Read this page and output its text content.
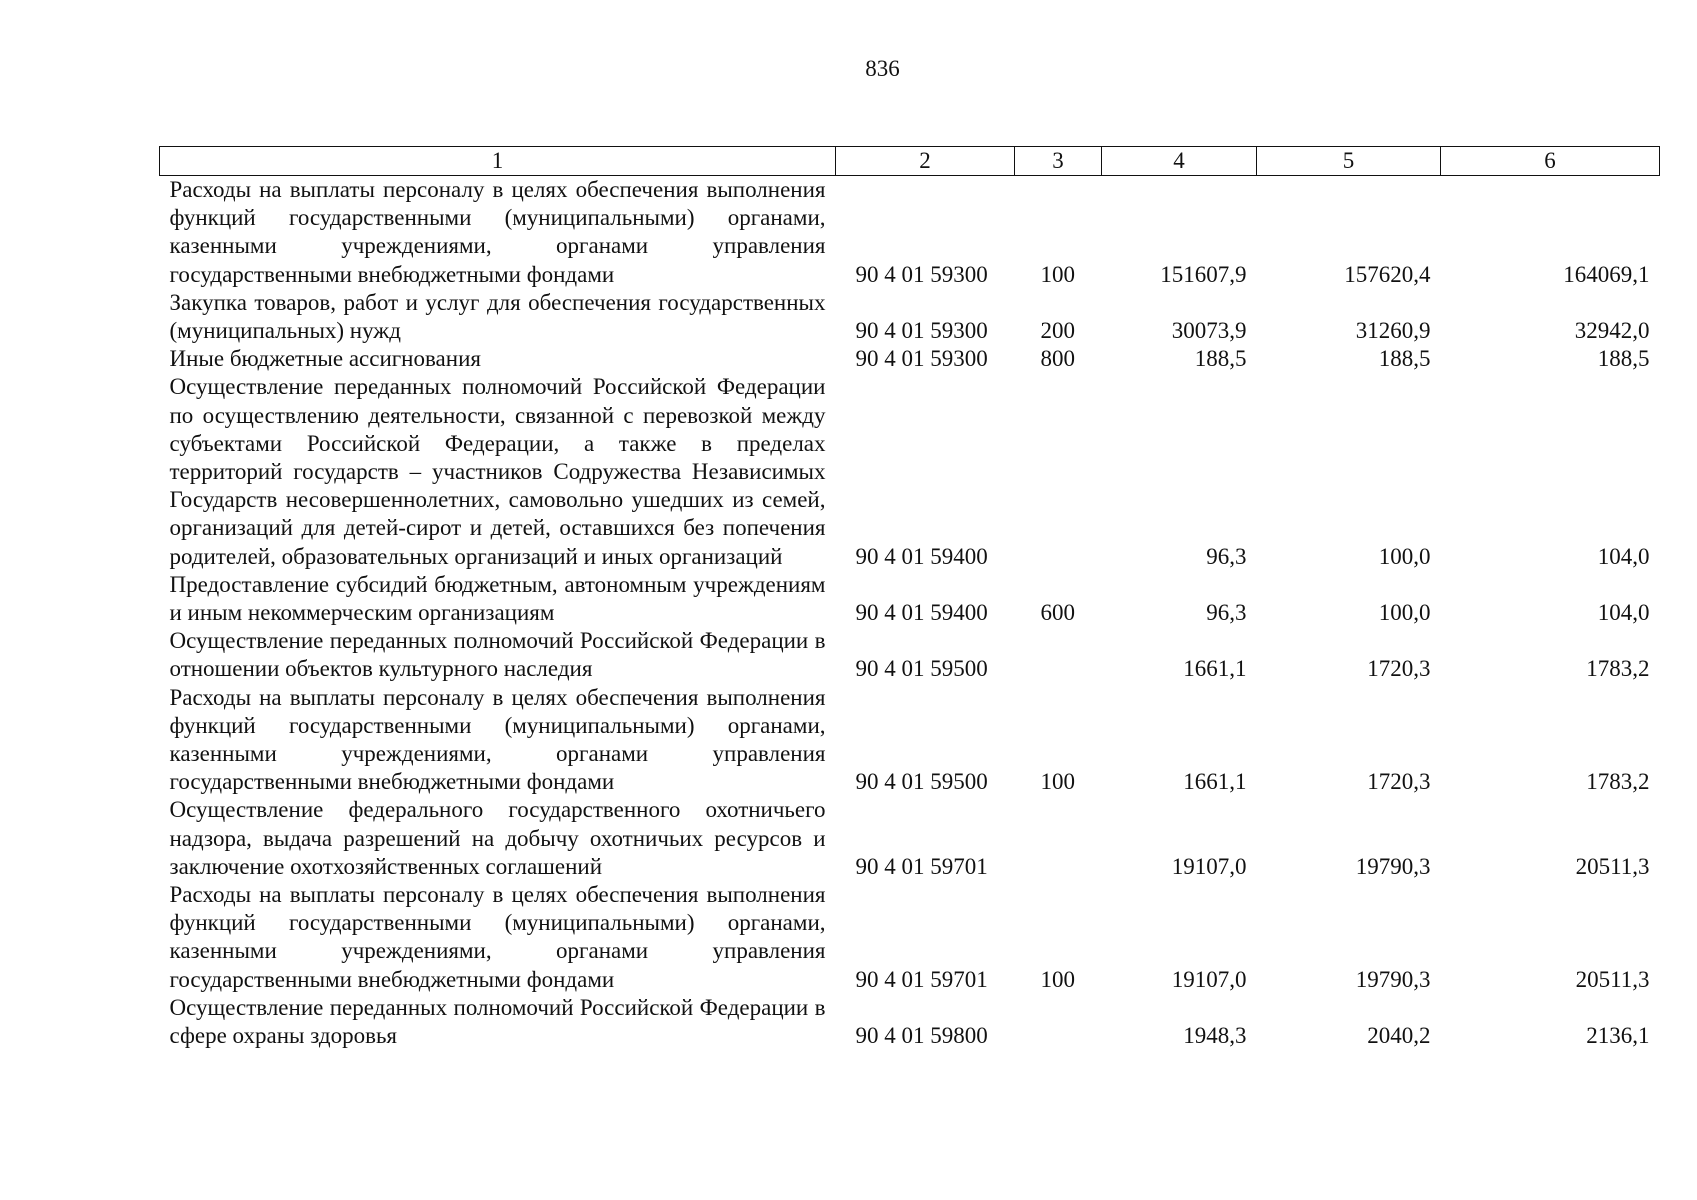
836
1	2	3	4	5	6
Расходы на выплаты персоналу в целях обеспечения выполнения функций государственными (муниципальными) органами, казенными учреждениями, органами управления государственными внебюджетными фондами	90 4 01 59300	100	151607,9	157620,4	164069,1
Закупка товаров, работ и услуг для обеспечения государственных (муниципальных) нужд	90 4 01 59300	200	30073,9	31260,9	32942,0
Иные бюджетные ассигнования	90 4 01 59300	800	188,5	188,5	188,5
Осуществление переданных полномочий Российской Федерации по осуществлению деятельности, связанной с перевозкой между субъектами Российской Федерации, а также в пределах территорий государств – участников Содружества Независимых Государств несовершеннолетних, самовольно ушедших из семей, организаций для детей-сирот и детей, оставшихся без попечения родителей, образовательных организаций и иных организаций	90 4 01 59400		96,3	100,0	104,0
Предоставление субсидий бюджетным, автономным учреждениям и иным некоммерческим организациям	90 4 01 59400	600	96,3	100,0	104,0
Осуществление переданных полномочий Российской Федерации в отношении объектов культурного наследия	90 4 01 59500		1661,1	1720,3	1783,2
Расходы на выплаты персоналу в целях обеспечения выполнения функций государственными (муниципальными) органами, казенными учреждениями, органами управления государственными внебюджетными фондами	90 4 01 59500	100	1661,1	1720,3	1783,2
Осуществление федерального государственного охотничьего надзора, выдача разрешений на добычу охотничьих ресурсов и заключение охотхозяйственных соглашений	90 4 01 59701		19107,0	19790,3	20511,3
Расходы на выплаты персоналу в целях обеспечения выполнения функций государственными (муниципальными) органами, казенными учреждениями, органами управления государственными внебюджетными фондами	90 4 01 59701	100	19107,0	19790,3	20511,3
Осуществление переданных полномочий Российской Федерации в сфере охраны здоровья	90 4 01 59800		1948,3	2040,2	2136,1
